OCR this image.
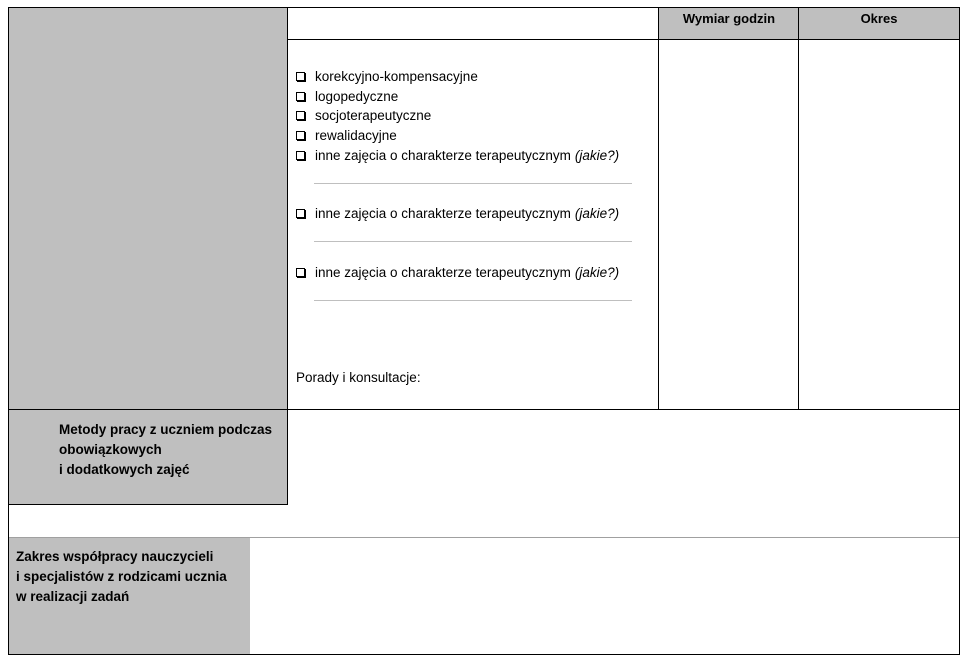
Wymiar godzin	Okres
korekcyjno-kompensacyjne
logopedyczne
socjoterapeutyczne
rewalidacyjne
inne zajęcia o charakterze terapeutycznym (jakie?)
inne zajęcia o charakterze terapeutycznym (jakie?)
inne zajęcia o charakterze terapeutycznym (jakie?)
Porady i konsultacje:
Metody pracy z uczniem podczas
obowiązkowych
i dodatkowych zajęć
Zakres współpracy nauczycieli
i specjalistów z rodzicami ucznia
w realizacji zadań
